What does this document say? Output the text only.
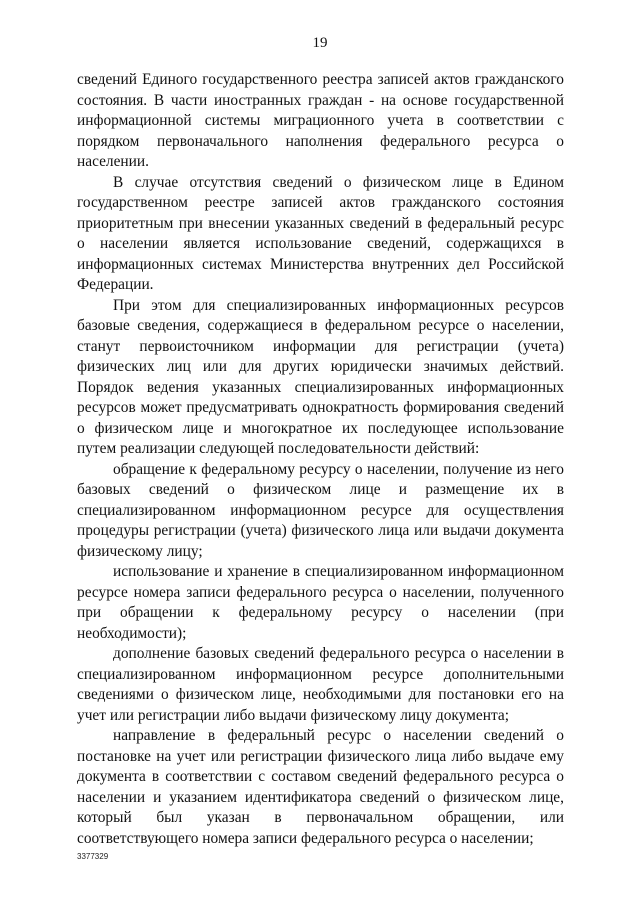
19

сведений Единого государственного реестра записей актов гражданского состояния. В части иностранных граждан - на основе государственной информационной системы миграционного учета в соответствии с порядком первоначального наполнения федерального ресурса о населении.

В случае отсутствия сведений о физическом лице в Едином государственном реестре записей актов гражданского состояния приоритетным при внесении указанных сведений в федеральный ресурс о населении является использование сведений, содержащихся в информационных системах Министерства внутренних дел Российской Федерации.

При этом для специализированных информационных ресурсов базовые сведения, содержащиеся в федеральном ресурсе о населении, станут первоисточником информации для регистрации (учета) физических лиц или для других юридически значимых действий. Порядок ведения указанных специализированных информационных ресурсов может предусматривать однократность формирования сведений о физическом лице и многократное их последующее использование путем реализации следующей последовательности действий:

обращение к федеральному ресурсу о населении, получение из него базовых сведений о физическом лице и размещение их в специализированном информационном ресурсе для осуществления процедуры регистрации (учета) физического лица или выдачи документа физическому лицу;

использование и хранение в специализированном информационном ресурсе номера записи федерального ресурса о населении, полученного при обращении к федеральному ресурсу о населении (при необходимости);

дополнение базовых сведений федерального ресурса о населении в специализированном информационном ресурсе дополнительными сведениями о физическом лице, необходимыми для постановки его на учет или регистрации либо выдачи физическому лицу документа;

направление в федеральный ресурс о населении сведений о постановке на учет или регистрации физического лица либо выдаче ему документа в соответствии с составом сведений федерального ресурса о населении и указанием идентификатора сведений о физическом лице, который был указан в первоначальном обращении, или соответствующего номера записи федерального ресурса о населении;

3377329
